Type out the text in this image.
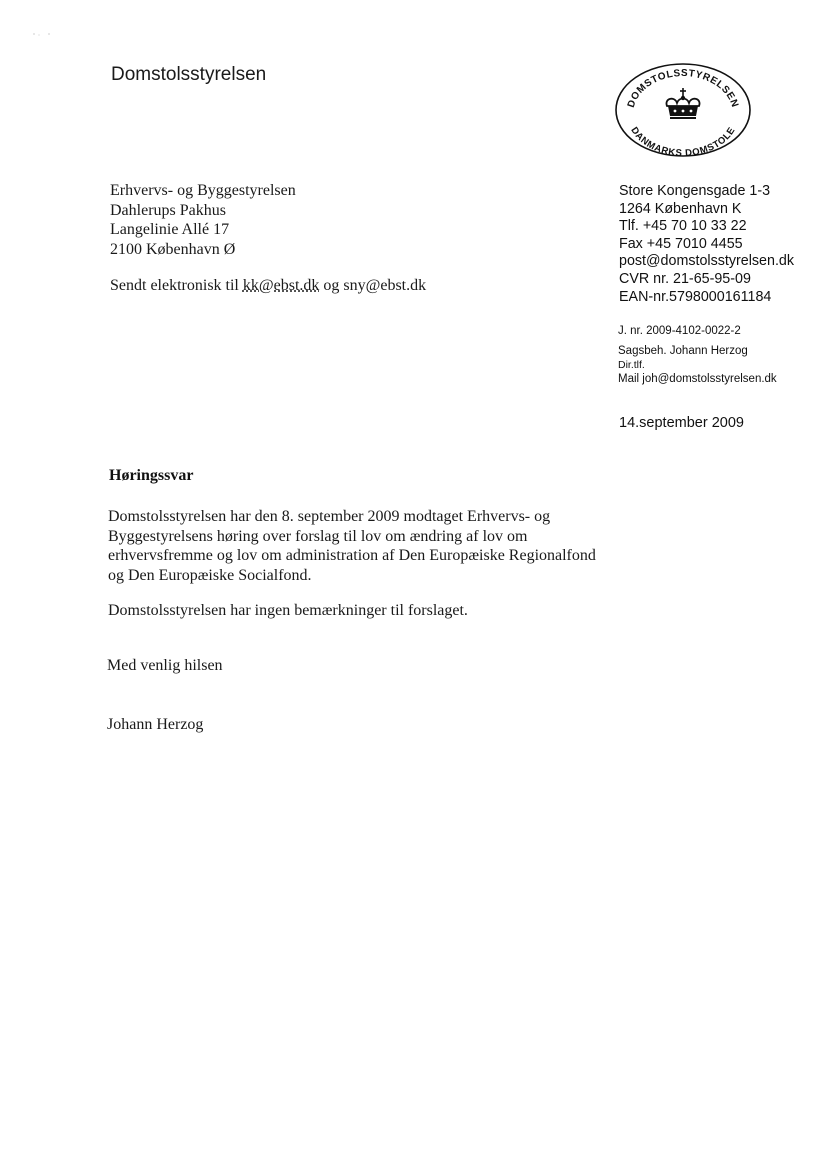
Domstolsstyrelsen
DOMSTOLSSTYRELSEN
DANMARKS DOMSTOLE
Erhvervs- og Byggestyrelsen
Dahlerups Pakhus
Langelinie Allé 17
2100 København Ø
Sendt elektronisk til kk@ebst.dk og sny@ebst.dk
Store Kongensgade 1-3
1264 København K
Tlf. +45 70 10 33 22
Fax +45 7010 4455
post@domstolsstyrelsen.dk
CVR nr. 21-65-95-09
EAN-nr.5798000161184
J. nr. 2009-4102-0022-2
Sagsbeh. Johann Herzog
Dir.tlf.
Mail joh@domstolsstyrelsen.dk
14.september 2009
Høringssvar
Domstolsstyrelsen har den 8. september 2009 modtaget Erhvervs- og
Byggestyrelsens høring over forslag til lov om ændring af lov om
erhvervsfremme og lov om administration af Den Europæiske Regionalfond
og Den Europæiske Socialfond.
Domstolsstyrelsen har ingen bemærkninger til forslaget.
Med venlig hilsen
Johann Herzog
